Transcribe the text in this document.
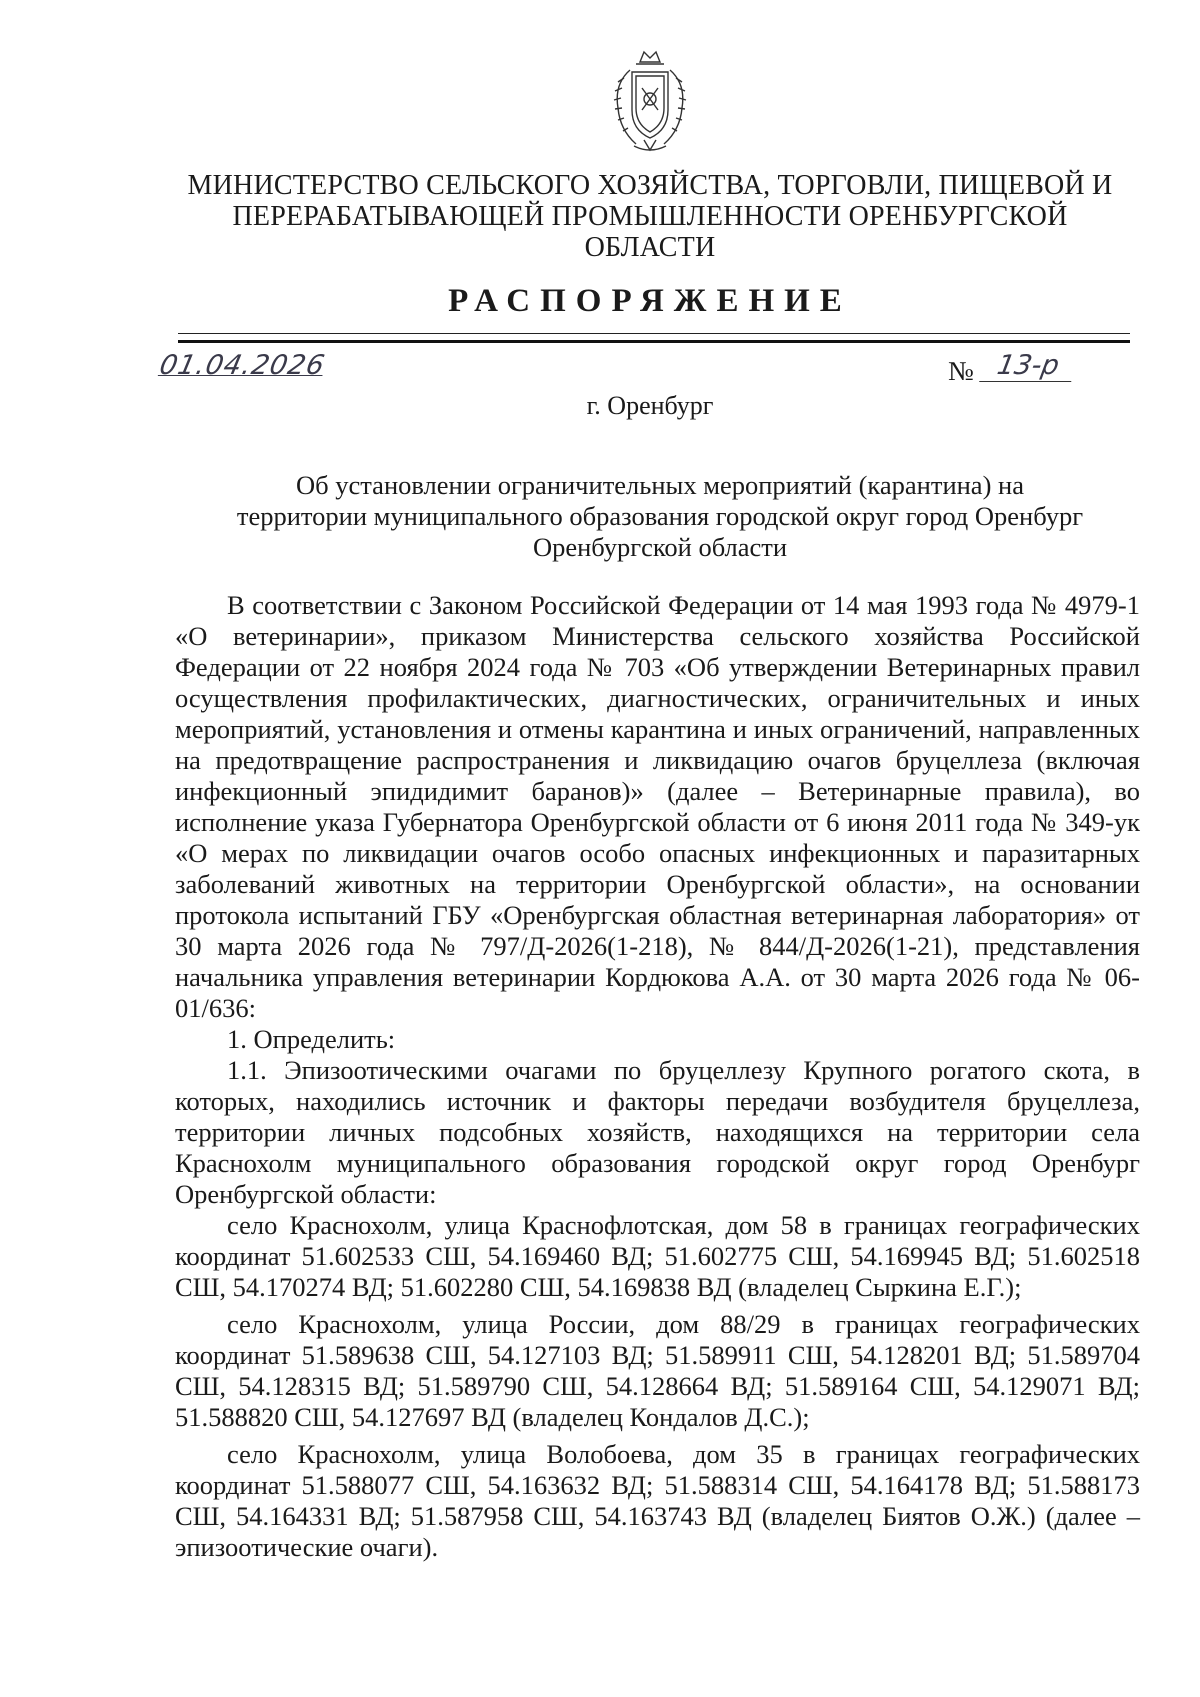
МИНИСТЕРСТВО СЕЛЬСКОГО ХОЗЯЙСТВА, ТОРГОВЛИ, ПИЩЕВОЙ И
ПЕРЕРАБАТЫВАЮЩЕЙ ПРОМЫШЛЕННОСТИ ОРЕНБУРГСКОЙ
ОБЛАСТИ
РАСПОРЯЖЕНИЕ
01.04.2026	№ 13-р
г. Оренбург
Об установлении ограничительных мероприятий (карантина) на
территории муниципального образования городской округ город Оренбург
Оренбургской области

В соответствии с Законом Российской Федерации от 14 мая 1993 года № 4979-1 «О ветеринарии», приказом Министерства сельского хозяйства Российской Федерации от 22 ноября 2024 года № 703 «Об утверждении Ветеринарных правил осуществления профилактических, диагностических, ограничительных и иных мероприятий, установления и отмены карантина и иных ограничений, направленных на предотвращение распространения и ликвидацию очагов бруцеллеза (включая инфекционный эпидидимит баранов)» (далее – Ветеринарные правила), во исполнение указа Губернатора Оренбургской области от 6 июня 2011 года № 349-ук «О мерах по ликвидации очагов особо опасных инфекционных и паразитарных заболеваний животных на территории Оренбургской области», на основании протокола испытаний ГБУ «Оренбургская областная ветеринарная лаборатория» от 30 марта 2026 года № 797/Д-2026(1-218), № 844/Д-2026(1-21), представления начальника управления ветеринарии Кордюкова А.А. от 30 марта 2026 года № 06-01/636:

1. Определить:

1.1. Эпизоотическими очагами по бруцеллезу Крупного рогатого скота, в которых, находились источник и факторы передачи возбудителя бруцеллеза, территории личных подсобных хозяйств, находящихся на территории села Краснохолм муниципального образования городской округ город Оренбург Оренбургской области:

село Краснохолм, улица Краснофлотская, дом 58 в границах географических координат 51.602533 СШ, 54.169460 ВД; 51.602775 СШ, 54.169945 ВД; 51.602518 СШ, 54.170274 ВД; 51.602280 СШ, 54.169838 ВД (владелец Сыркина Е.Г.);

село Краснохолм, улица России, дом 88/29 в границах географических координат 51.589638 СШ, 54.127103 ВД; 51.589911 СШ, 54.128201 ВД; 51.589704 СШ, 54.128315 ВД; 51.589790 СШ, 54.128664 ВД; 51.589164 СШ, 54.129071 ВД; 51.588820 СШ, 54.127697 ВД (владелец Кондалов Д.С.);

село Краснохолм, улица Волобоева, дом 35 в границах географических координат 51.588077 СШ, 54.163632 ВД; 51.588314 СШ, 54.164178 ВД; 51.588173 СШ, 54.164331 ВД; 51.587958 СШ, 54.163743 ВД (владелец Биятов О.Ж.) (далее – эпизоотические очаги).
